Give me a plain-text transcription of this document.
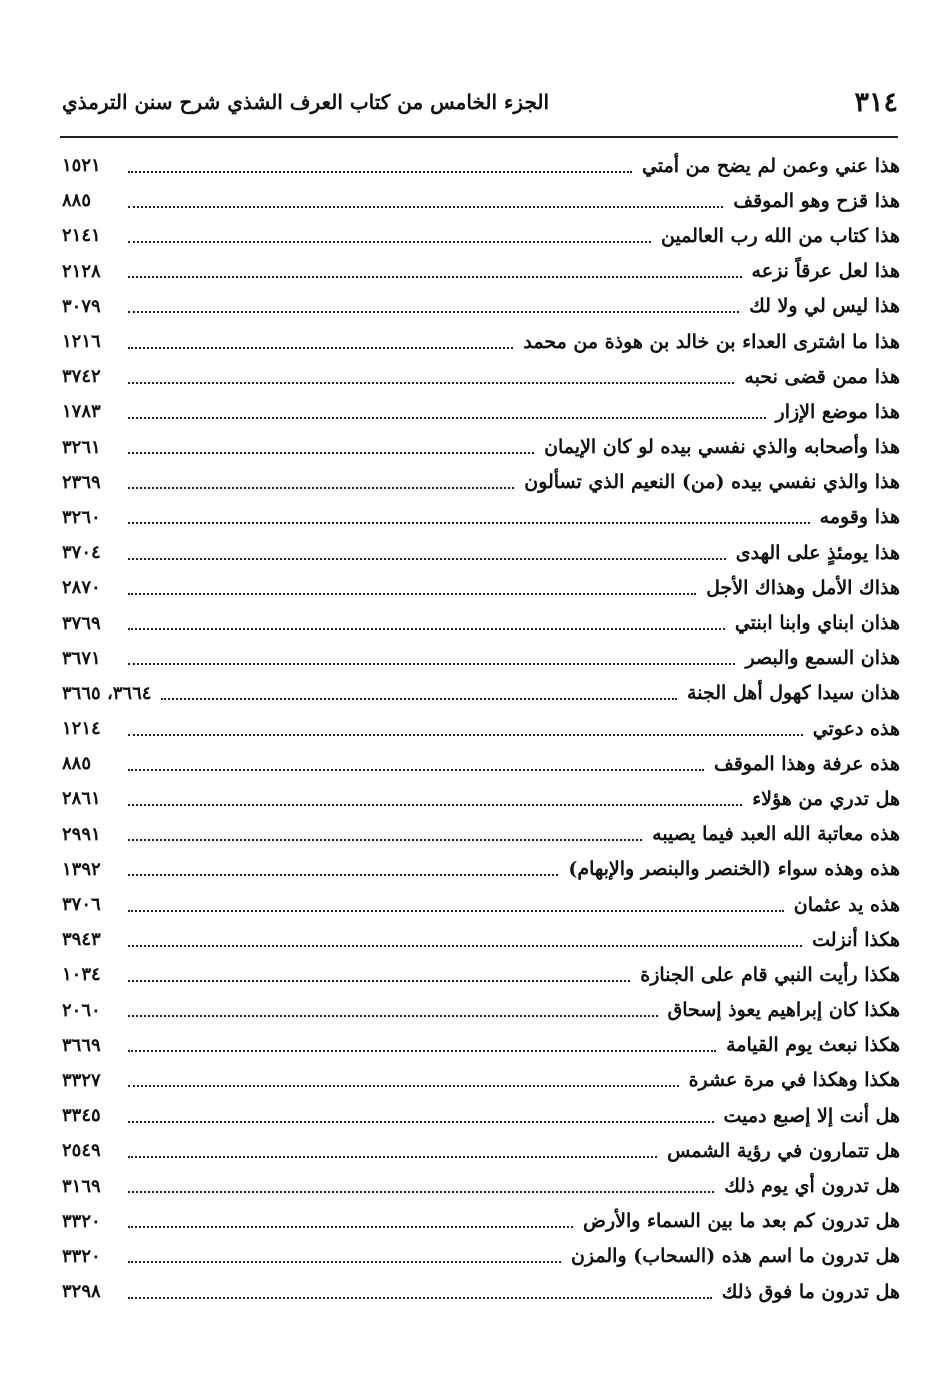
٣١٤
الجزء الخامس من كتاب العرف الشذي شرح سنن الترمذي
هذا عني وعمن لم يضح من أمتي
١٥٢١
هذا قزح وهو الموقف
٨٨٥
هذا كتاب من الله رب العالمين
٢١٤١
هذا لعل عرقاً نزعه
٢١٢٨
هذا ليس لي ولا لك
٣٠٧٩
هذا ما اشترى العداء بن خالد بن هوذة من محمد
١٢١٦
هذا ممن قضى نحبه
٣٧٤٢
هذا موضع الإزار
١٧٨٣
هذا وأصحابه والذي نفسي بيده لو كان الإيمان
٣٢٦١
هذا والذي نفسي بيده (من) النعيم الذي تسألون
٢٣٦٩
هذا وقومه
٣٢٦٠
هذا يومئذٍ على الهدى
٣٧٠٤
هذاك الأمل وهذاك الأجل
٢٨٧٠
هذان ابناي وابنا ابنتي
٣٧٦٩
هذان السمع والبصر
٣٦٧١
هذان سيدا كهول أهل الجنة
٣٦٦٤، ٣٦٦٥
هذه دعوتي
١٢١٤
هذه عرفة وهذا الموقف
٨٨٥
هل تدري من هؤلاء
٢٨٦١
هذه معاتبة الله العبد فيما يصيبه
٢٩٩١
هذه وهذه سواء (الخنصر والبنصر والإبهام)
١٣٩٢
هذه يد عثمان
٣٧٠٦
هكذا أنزلت
٣٩٤٣
هكذا رأيت النبي قام على الجنازة
١٠٣٤
هكذا كان إبراهيم يعوذ إسحاق
٢٠٦٠
هكذا نبعث يوم القيامة
٣٦٦٩
هكذا وهكذا في مرة عشرة
٣٣٢٧
هل أنت إلا إصبع دميت
٣٣٤٥
هل تتمارون في رؤية الشمس
٢٥٤٩
هل تدرون أي يوم ذلك
٣١٦٩
هل تدرون كم بعد ما بين السماء والأرض
٣٣٢٠
هل تدرون ما اسم هذه (السحاب) والمزن
٣٣٢٠
هل تدرون ما فوق ذلك
٣٢٩٨
